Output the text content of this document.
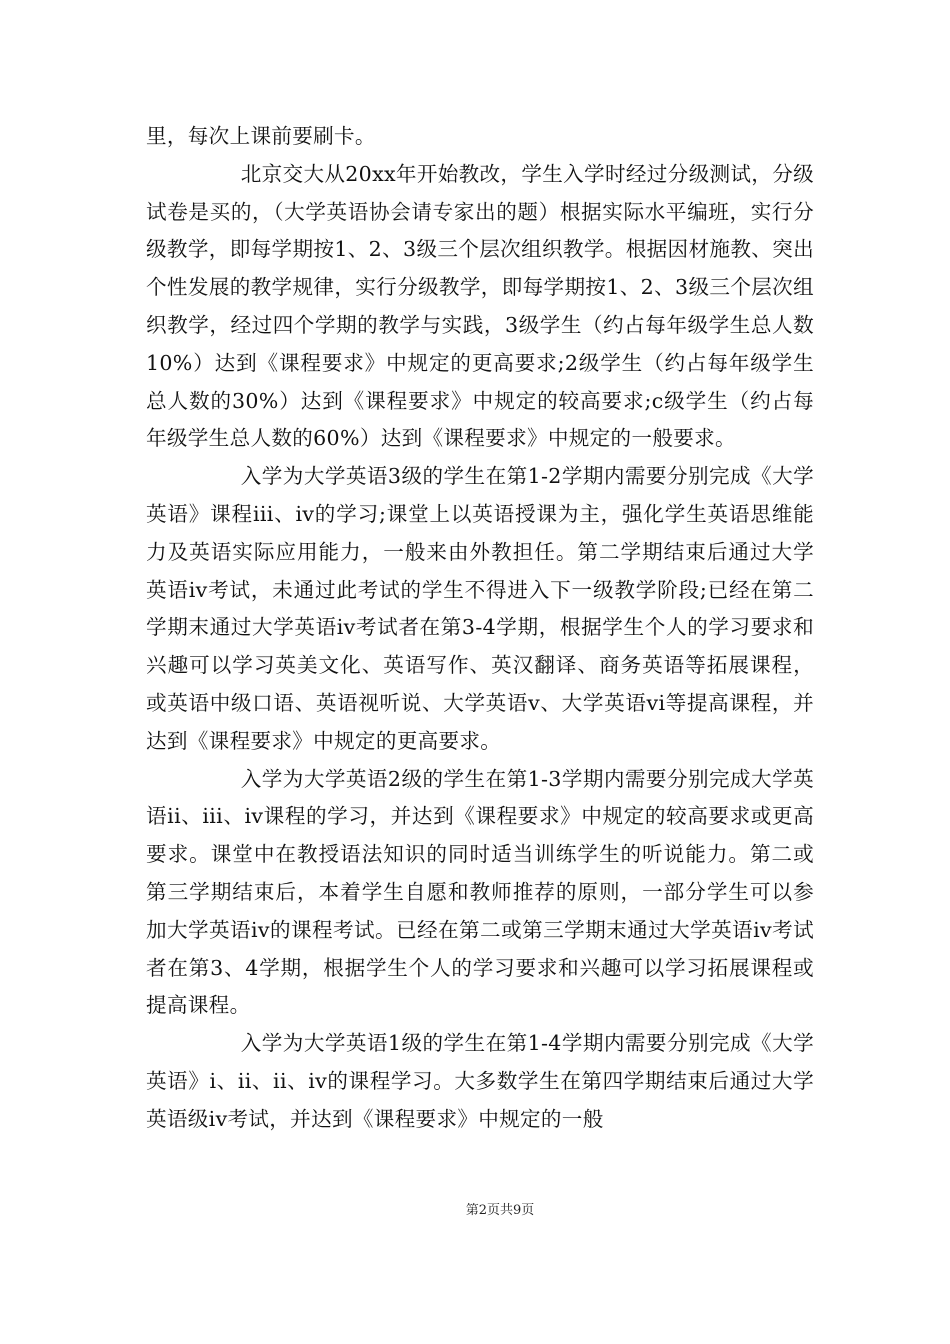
里，每次上课前要刷卡。

北京交大从20xx年开始教改，学生入学时经过分级测试，分级试卷是买的，（大学英语协会请专家出的题）根据实际水平编班，实行分级教学，即每学期按1、2、3级三个层次组织教学。根据因材施教、突出个性发展的教学规律，实行分级教学，即每学期按1、2、3级三个层次组织教学，经过四个学期的教学与实践，3级学生（约占每年级学生总人数10%）达到《课程要求》中规定的更高要求;2级学生（约占每年级学生总人数的30%）达到《课程要求》中规定的较高要求;c级学生（约占每年级学生总人数的60%）达到《课程要求》中规定的一般要求。

入学为大学英语3级的学生在第1-2学期内需要分别完成《大学英语》课程iii、iv的学习;课堂上以英语授课为主，强化学生英语思维能力及英语实际应用能力，一般来由外教担任。第二学期结束后通过大学英语iv考试，未通过此考试的学生不得进入下一级教学阶段;已经在第二学期末通过大学英语iv考试者在第3-4学期，根据学生个人的学习要求和兴趣可以学习英美文化、英语写作、英汉翻译、商务英语等拓展课程，或英语中级口语、英语视听说、大学英语v、大学英语vi等提高课程，并达到《课程要求》中规定的更高要求。

入学为大学英语2级的学生在第1-3学期内需要分别完成大学英语ii、iii、iv课程的学习，并达到《课程要求》中规定的较高要求或更高要求。课堂中在教授语法知识的同时适当训练学生的听说能力。第二或第三学期结束后，本着学生自愿和教师推荐的原则，一部分学生可以参加大学英语iv的课程考试。已经在第二或第三学期末通过大学英语iv考试者在第3、4学期，根据学生个人的学习要求和兴趣可以学习拓展课程或提高课程。

入学为大学英语1级的学生在第1-4学期内需要分别完成《大学英语》i、ii、ii、iv的课程学习。大多数学生在第四学期结束后通过大学英语级iv考试，并达到《课程要求》中规定的一般

第2页共9页
